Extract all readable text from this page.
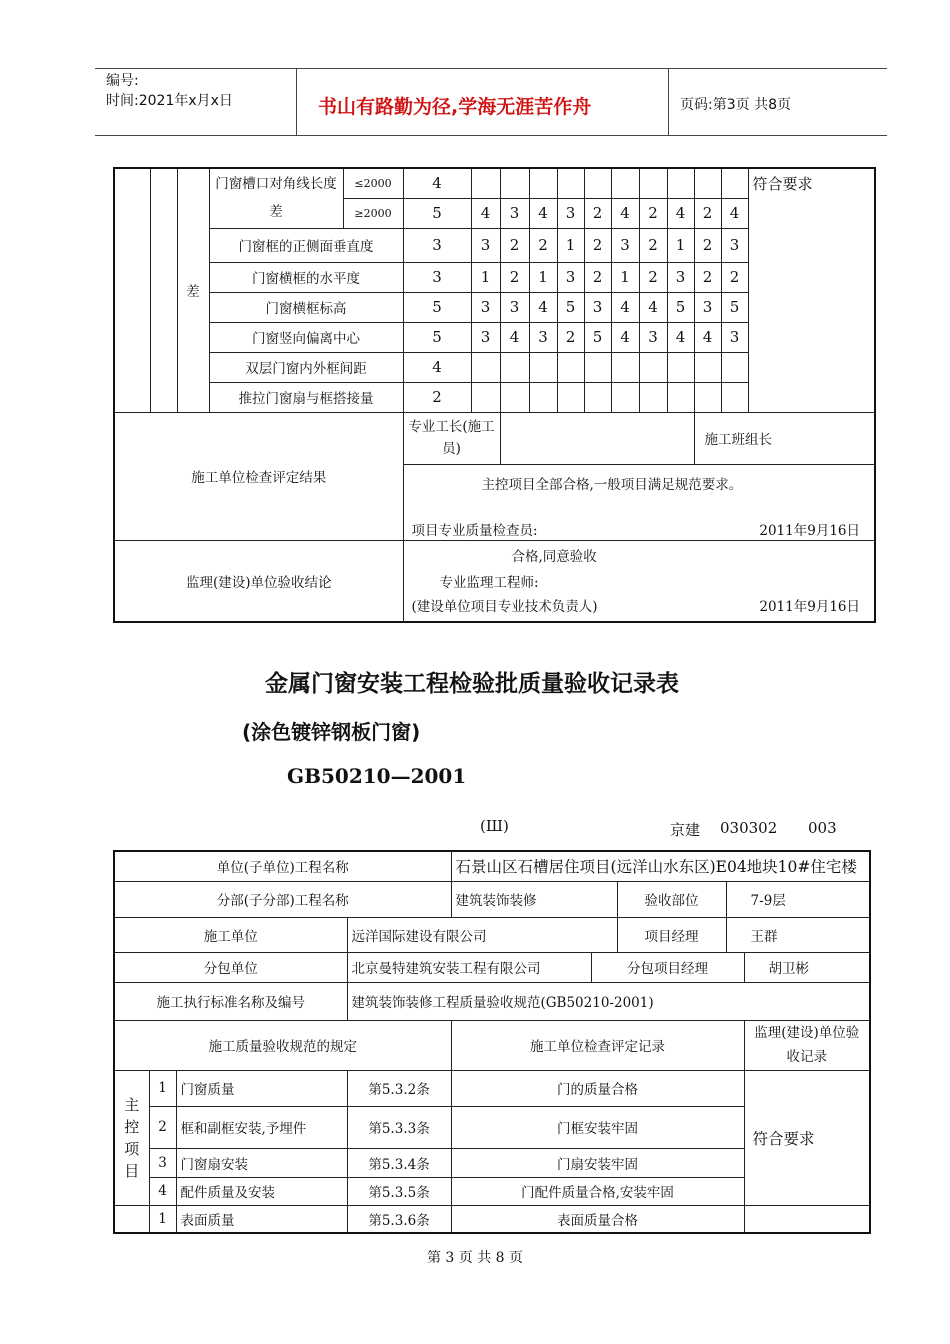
编号:
时间:2021年x月x日	书山有路勤为径,学海无涯苦作舟	页码:第3页 共8页
		差	门窗槽口对角线长度差	≤2000	4											符合要求
				≥2000	5	4	3	4	3	2	4	2	4	2	4	
			门窗框的正侧面垂直度		3	3	2	2	1	2	3	2	1	2	3	
			门窗横框的水平度		3	1	2	1	3	2	1	2	3	2	2	
			门窗横框标高		5	3	3	4	5	3	4	4	5	3	5	
			门窗竖向偏离中心		5	3	4	3	2	5	4	3	4	4	3	
			双层门窗内外框间距		4											
			推拉门窗扇与框搭接量		2											
施工单位检查评定结果					专业工长(施工员)									施工班组长		

					主控项目全部合格,一般项目满足规范要求。
项目专业质量检查员: 2011年9月16日											

监理(建设)单位验收结论					合格,同意验收
专业监理工程师:
(建设单位项目专业技术负责人) 2011年9月16日											
金属门窗安装工程检验批质量验收记录表
(涂色镀锌钢板门窗)
GB50210—2001
(Ш)	京建 030302 003
单位(子单位)工程名称				石景山区石槽居住项目(远洋山水东区)E04地块10#住宅楼				
分部(子分部)工程名称				建筑装饰装修		验收部位	7-9层	
施工单位			远洋国际建设有限公司			项目经理	王群	
分包单位			北京曼特建筑安装工程有限公司		分包项目经理			胡卫彬
施工执行标准名称及编号			建筑装饰装修工程质量验收规范(GB50210-2001)					
施工质量验收规范的规定				施工单位检查评定记录				监理(建设)单位验收记录
主控项目	1	门窗质量	第5.3.2条	门的质量合格				符合要求
	2	框和副框安装,予埋件	第5.3.3条	门框安装牢固				
	3	门窗扇安装	第5.3.4条	门扇安装牢固				
	4	配件质量及安装	第5.3.5条	门配件质量合格,安装牢固				
	1	表面质量	第5.3.6条	表面质量合格				
第 3 页 共 8 页
